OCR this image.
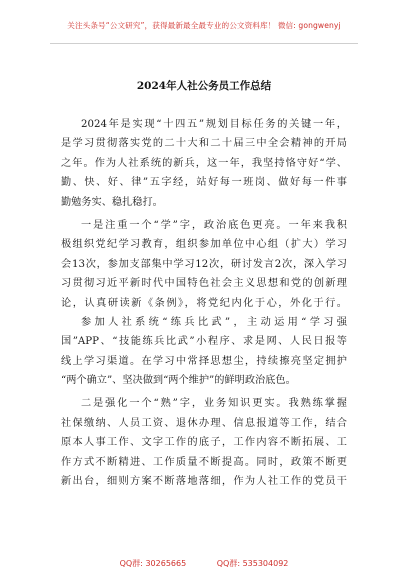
关注头条号“公文研究”，获得最新最全最专业的公文资料库！ 微信: gongwenyj
2024年人社公务员工作总结
2024年是实现“十四五”规划目标任务的关键一年，
是学习贯彻落实党的二十大和二十届三中全会精神的开局
之年。作为人社系统的新兵，这一年，我坚持恪守好“学、
勤、快、好、律”五字经，站好每一班岗、做好每一件事
勤勉务实、稳扎稳打。
一是注重一个“学”字，政治底色更亮。一年来我积
极组织党纪学习教育，组织参加单位中心组（扩大）学习
会13次，参加支部集中学习12次，研讨发言2次，深入学习
习贯彻习近平新时代中国特色社会主义思想和党的创新理
论，认真研读新《条例》，将党纪内化于心，外化于行。
参加人社系统“练兵比武”，主动运用“学习强
国”APP、“技能练兵比武”小程序、求是网、人民日报等
线上学习渠道。在学习中常择思想尘，持续擦亮坚定拥护
“两个确立”、坚决做到“两个维护”的鲜明政治底色。
二是强化一个“熟”字，业务知识更实。我熟练掌握
社保缴纳、人员工资、退休办理、信息报道等工作，结合
原本人事工作、文字工作的底子，工作内容不断拓展、工
作方式不断精进、工作质量不断提高。同时，政策不断更
新出台，细则方案不断落地落细，作为人社工作的党员干
QQ群: 30265665	QQ群: 535304092
